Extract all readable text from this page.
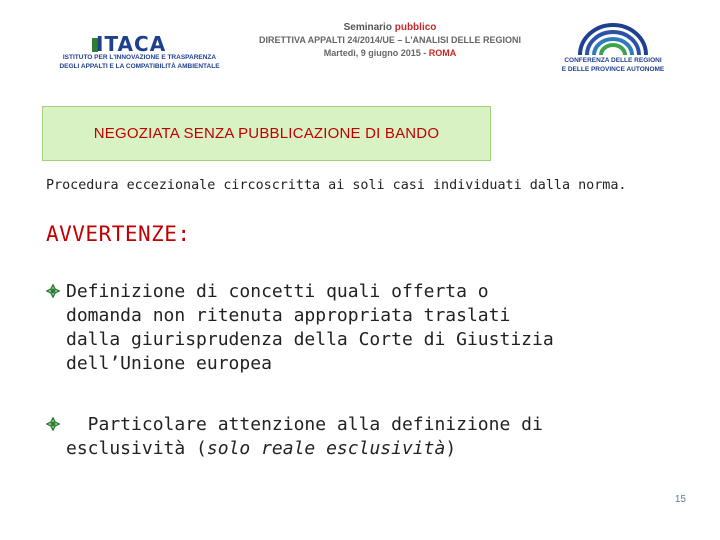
ITACA
ISTITUTO PER L'INNOVAZIONE E TRASPARENZA
DEGLI APPALTI E LA COMPATIBILITÀ AMBIENTALE
Seminario pubblico
DIRETTIVA APPALTI 24/2014/UE – L'ANALISI DELLE REGIONI
Martedì, 9 giugno 2015 - ROMA
CONFERENZA DELLE REGIONI
E DELLE PROVINCE AUTONOME
NEGOZIATA SENZA PUBBLICAZIONE DI BANDO
Procedura eccezionale circoscritta ai soli casi individuati dalla norma.
AVVERTENZE:
Definizione di concetti quali offerta o
domanda non ritenuta appropriata traslati
dalla giurisprudenza della Corte di Giustizia
dell’Unione europea
Particolare attenzione alla definizione di
esclusività (solo reale esclusività)
15
